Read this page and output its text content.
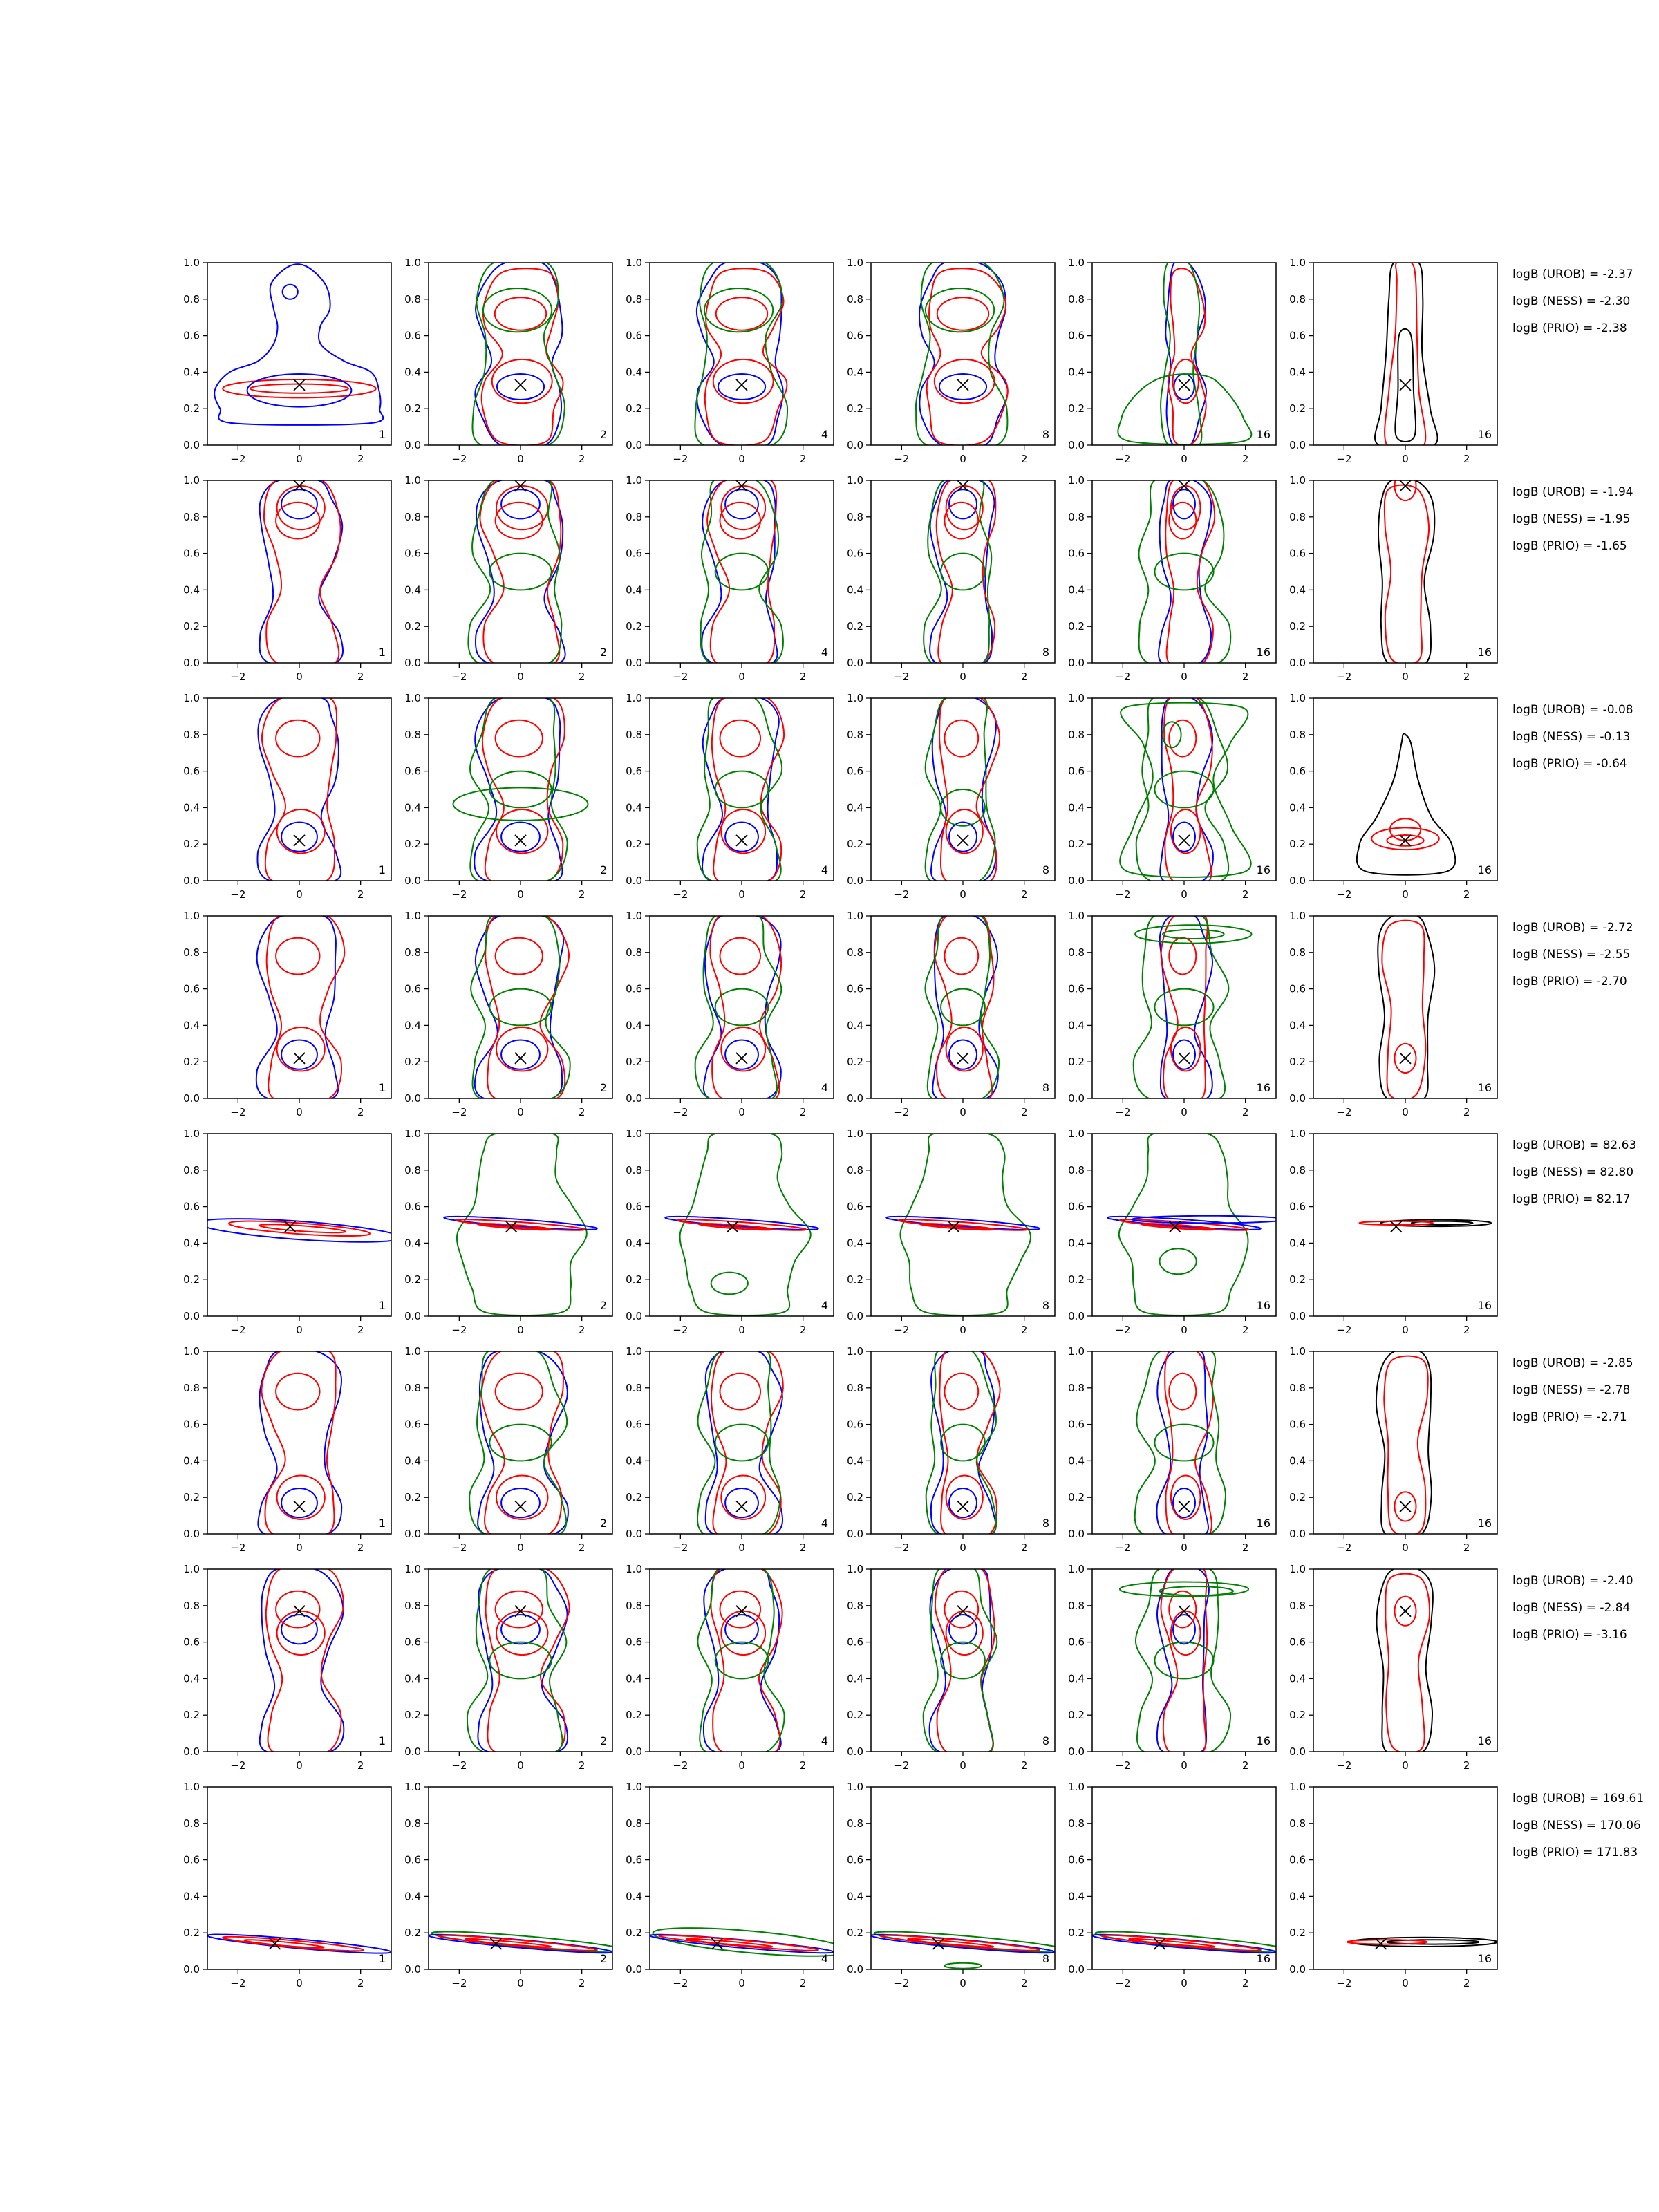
−2	0	2
0.0
0.2
0.4
0.6
0.8
1.0
1
−2	0	2
0.0
0.2
0.4
0.6
0.8
1.0
2
−2	0	2
0.0
0.2
0.4
0.6
0.8
1.0
4
−2	0	2
0.0
0.2
0.4
0.6
0.8
1.0
8
−2	0	2
0.0
0.2
0.4
0.6
0.8
1.0
16
−2	0	2
0.0
0.2
0.4
0.6
0.8
1.0
16
logB (UROB) = -2.37
logB (NESS) = -2.30
logB (PRIO) = -2.38
−2	0	2
0.0
0.2
0.4
0.6
0.8
1.0
1
−2	0	2
0.0
0.2
0.4
0.6
0.8
1.0
2
−2	0	2
0.0
0.2
0.4
0.6
0.8
1.0
4
−2	0	2
0.0
0.2
0.4
0.6
0.8
1.0
8
−2	0	2
0.0
0.2
0.4
0.6
0.8
1.0
16
−2	0	2
0.0
0.2
0.4
0.6
0.8
1.0
16
logB (UROB) = -1.94
logB (NESS) = -1.95
logB (PRIO) = -1.65
−2	0	2
0.0
0.2
0.4
0.6
0.8
1.0
1
−2	0	2
0.0
0.2
0.4
0.6
0.8
1.0
2
−2	0	2
0.0
0.2
0.4
0.6
0.8
1.0
4
−2	0	2
0.0
0.2
0.4
0.6
0.8
1.0
8
−2	0	2
0.0
0.2
0.4
0.6
0.8
1.0
16
−2	0	2
0.0
0.2
0.4
0.6
0.8
1.0
16
logB (UROB) = -0.08
logB (NESS) = -0.13
logB (PRIO) = -0.64
−2	0	2
0.0
0.2
0.4
0.6
0.8
1.0
1
−2	0	2
0.0
0.2
0.4
0.6
0.8
1.0
2
−2	0	2
0.0
0.2
0.4
0.6
0.8
1.0
4
−2	0	2
0.0
0.2
0.4
0.6
0.8
1.0
8
−2	0	2
0.0
0.2
0.4
0.6
0.8
1.0
16
−2	0	2
0.0
0.2
0.4
0.6
0.8
1.0
16
logB (UROB) = -2.72
logB (NESS) = -2.55
logB (PRIO) = -2.70
−2	0	2
0.0
0.2
0.4
0.6
0.8
1.0
1
−2	0	2
0.0
0.2
0.4
0.6
0.8
1.0
2
−2	0	2
0.0
0.2
0.4
0.6
0.8
1.0
4
−2	0	2
0.0
0.2
0.4
0.6
0.8
1.0
8
−2	0	2
0.0
0.2
0.4
0.6
0.8
1.0
16
−2	0	2
0.0
0.2
0.4
0.6
0.8
1.0
16
logB (UROB) = 82.63
logB (NESS) = 82.80
logB (PRIO) = 82.17
−2	0	2
0.0
0.2
0.4
0.6
0.8
1.0
1
−2	0	2
0.0
0.2
0.4
0.6
0.8
1.0
2
−2	0	2
0.0
0.2
0.4
0.6
0.8
1.0
4
−2	0	2
0.0
0.2
0.4
0.6
0.8
1.0
8
−2	0	2
0.0
0.2
0.4
0.6
0.8
1.0
16
−2	0	2
0.0
0.2
0.4
0.6
0.8
1.0
16
logB (UROB) = -2.85
logB (NESS) = -2.78
logB (PRIO) = -2.71
−2	0	2
0.0
0.2
0.4
0.6
0.8
1.0
1
−2	0	2
0.0
0.2
0.4
0.6
0.8
1.0
2
−2	0	2
0.0
0.2
0.4
0.6
0.8
1.0
4
−2	0	2
0.0
0.2
0.4
0.6
0.8
1.0
8
−2	0	2
0.0
0.2
0.4
0.6
0.8
1.0
16
−2	0	2
0.0
0.2
0.4
0.6
0.8
1.0
16
logB (UROB) = -2.40
logB (NESS) = -2.84
logB (PRIO) = -3.16
−2	0	2
0.0
0.2
0.4
0.6
0.8
1.0
1
−2	0	2
0.0
0.2
0.4
0.6
0.8
1.0
2
−2	0	2
0.0
0.2
0.4
0.6
0.8
1.0
4
−2	0	2
0.0
0.2
0.4
0.6
0.8
1.0
8
−2	0	2
0.0
0.2
0.4
0.6
0.8
1.0
16
−2	0	2
0.0
0.2
0.4
0.6
0.8
1.0
16
logB (UROB) = 169.61
logB (NESS) = 170.06
logB (PRIO) = 171.83
